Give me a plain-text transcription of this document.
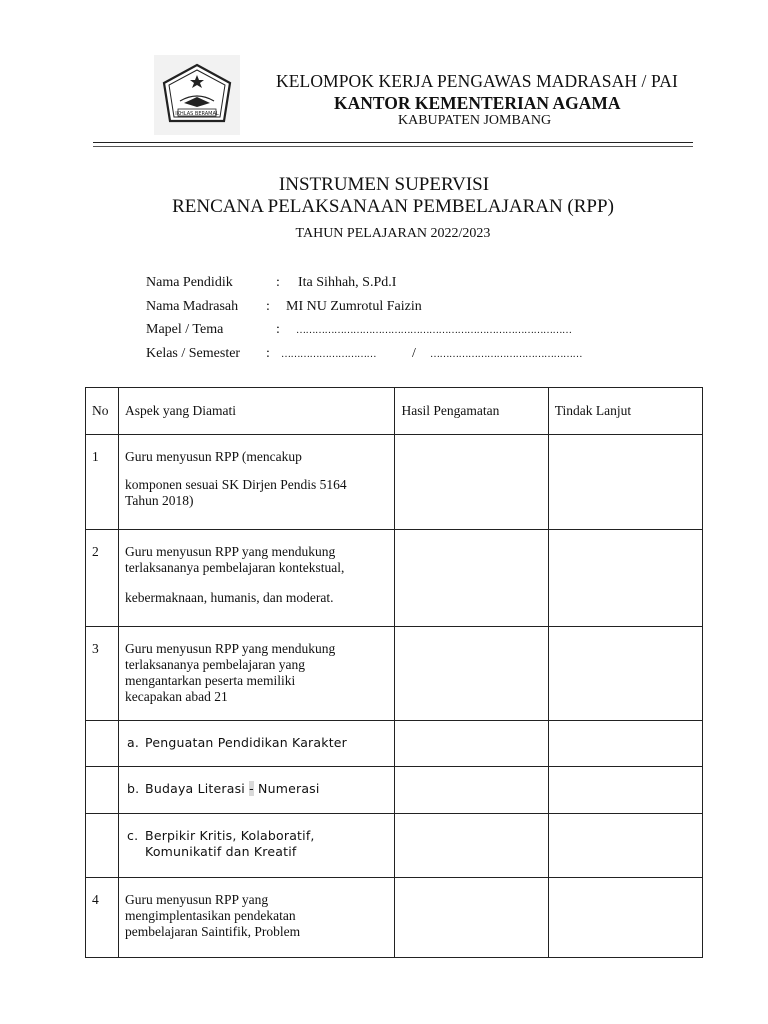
IKHLAS BERAMAL
KELOMPOK KERJA PENGAWAS MADRASAH / PAI
KANTOR KEMENTERIAN AGAMA
KABUPATEN JOMBANG
INSTRUMEN SUPERVISI
RENCANA PELAKSANAAN PEMBELAJARAN (RPP)
TAHUN PELAJARAN 2022/2023
Nama Pendidik	: Ita Sihhah, S.Pd.I
Nama Madrasah : MI NU Zumrotul Faizin
Mapel / Tema	: ……………………………………………………………………………
Kelas / Semester : …………………………	/ …………………………………………
No	Aspek yang Diamati	Hasil Pengamatan	Tindak Lanjut

1	Guru menyusun RPP (mencakup
komponen sesuai SK Dirjen Pendis 5164
Tahun 2018)		

2	Guru menyusun RPP yang mendukung
terlaksananya pembelajaran kontekstual,
kebermaknaan, humanis, dan moderat.		

3	Guru menyusun RPP yang mendukung
terlaksananya pembelajaran yang
mengantarkan peserta memiliki
kecapakan abad 21		

	a. Penguatan Pendidikan Karakter		

	b. Budaya Literasi - Numerasi		

	c. Berpikir Kritis, Kolaboratif,
Komunikatif dan Kreatif		

4	Guru menyusun RPP yang
mengimplentasikan pendekatan
pembelajaran Saintifik, Problem		
